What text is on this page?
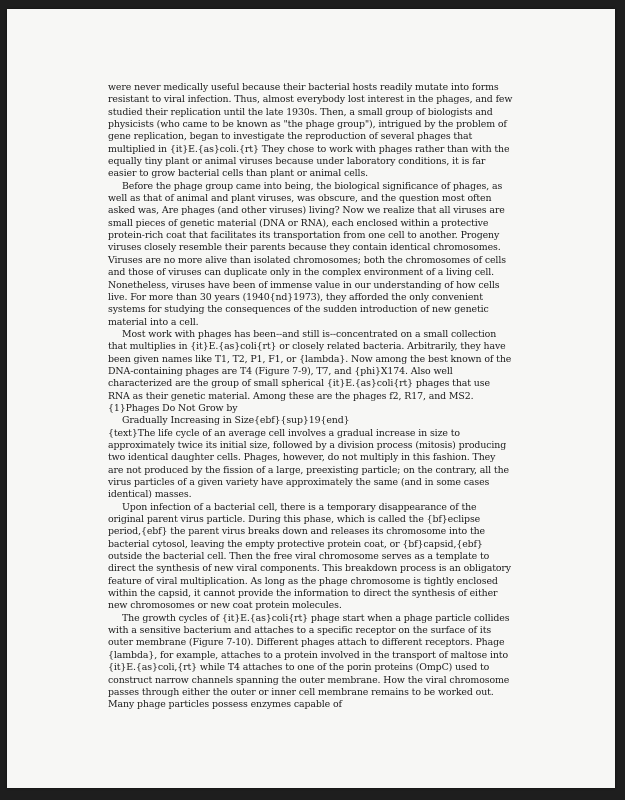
were never medically useful because their bacterial hosts readily mutate into forms resistant to viral infection. Thus, almost everybody lost interest in the phages, and few studied their replication until the late 1930s. Then, a small group of biologists and physicists (who came to be known as "the phage group"), intrigued by the problem of gene replication, began to investigate the reproduction of several phages that multiplied in {it}E.{as}coli.{rt} They chose to work with phages rather than with the equally tiny plant or animal viruses because under laboratory conditions, it is far easier to grow bacterial cells than plant or animal cells.

Before the phage group came into being, the biological significance of phages, as well as that of animal and plant viruses, was obscure, and the question most often asked was, Are phages (and other viruses) living? Now we realize that all viruses are small pieces of genetic material (DNA or RNA), each enclosed within a protective protein-rich coat that facilitates its transportation from one cell to another. Progeny viruses closely resemble their parents because they contain identical chromosomes. Viruses are no more alive than isolated chromosomes; both the chromosomes of cells and those of viruses can duplicate only in the complex environment of a living cell. Nonetheless, viruses have been of immense value in our understanding of how cells live. For more than 30 years (1940{nd}1973), they afforded the only convenient systems for studying the consequences of the sudden introduction of new genetic material into a cell.

Most work with phages has been--and still is--concentrated on a small collection that multiplies in {it}E.{as}coli{rt} or closely related bacteria. Arbitrarily, they have been given names like T1, T2, P1, F1, or {lambda}. Now among the best known of the DNA-containing phages are T4 (Figure 7-9), T7, and {phi}X174. Also well characterized are the group of small spherical {it}E.{as}coli{rt} phages that use RNA as their genetic material. Among these are the phages f2, R17, and MS2.

{1}Phages Do Not Grow by

Gradually Increasing in Size{ebf}{sup}19{end}

{text}The life cycle of an average cell involves a gradual increase in size to approximately twice its initial size, followed by a division process (mitosis) producing two identical daughter cells. Phages, however, do not multiply in this fashion. They are not produced by the fission of a large, preexisting particle; on the contrary, all the virus particles of a given variety have approximately the same (and in some cases identical) masses.

Upon infection of a bacterial cell, there is a temporary disappearance of the original parent virus particle. During this phase, which is called the {bf}eclipse period,{ebf} the parent virus breaks down and releases its chromosome into the bacterial cytosol, leaving the empty protective protein coat, or {bf}capsid,{ebf} outside the bacterial cell. Then the free viral chromosome serves as a template to direct the synthesis of new viral components. This breakdown process is an obligatory feature of viral multiplication. As long as the phage chromosome is tightly enclosed within the capsid, it cannot provide the information to direct the synthesis of either new chromosomes or new coat protein molecules.

The growth cycles of {it}E.{as}coli{rt} phage start when a phage particle collides with a sensitive bacterium and attaches to a specific receptor on the surface of its outer membrane (Figure 7-10). Different phages attach to different receptors. Phage {lambda}, for example, attaches to a protein involved in the transport of maltose into {it}E.{as}coli,{rt} while T4 attaches to one of the porin proteins (OmpC) used to construct narrow channels spanning the outer membrane. How the viral chromosome passes through either the outer or inner cell membrane remains to be worked out. Many phage particles possess enzymes capable of
